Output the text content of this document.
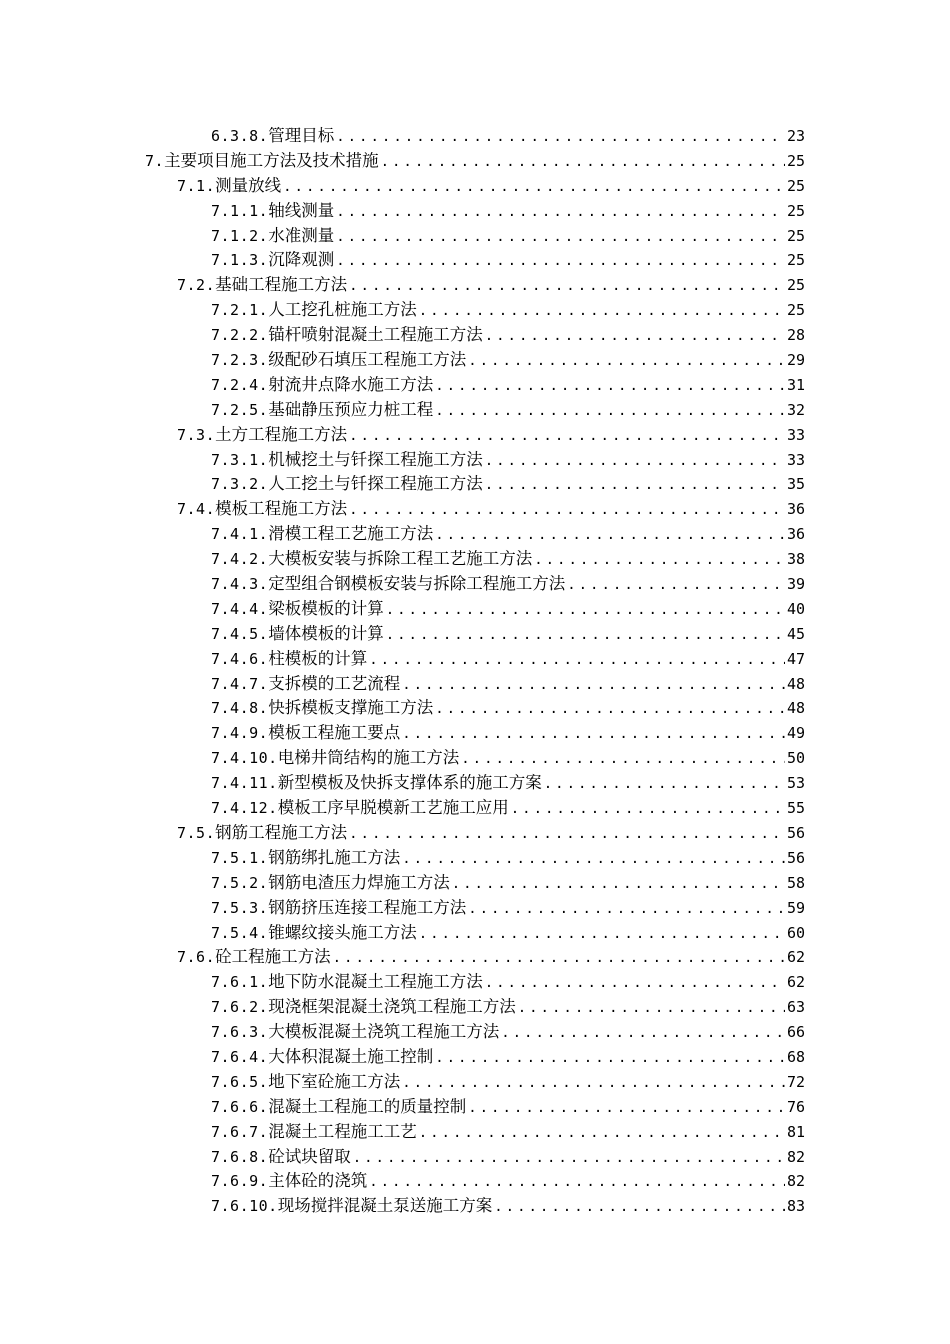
6.3.8. 管理目标 .....	23
7. 主要项目施工方法及技术措施 .....	25
7.1. 测量放线 .....	25
7.1.1. 轴线测量 .....	25
7.1.2. 水准测量 .....	25
7.1.3. 沉降观测 .....	25
7.2. 基础工程施工方法 .....	25
7.2.1. 人工挖孔桩施工方法 .....	25
7.2.2. 锚杆喷射混凝土工程施工方法 .....	28
7.2.3. 级配砂石填压工程施工方法 .....	29
7.2.4. 射流井点降水施工方法 .....	31
7.2.5. 基础静压预应力桩工程 .....	32
7.3. 土方工程施工方法 .....	33
7.3.1. 机械挖土与钎探工程施工方法 .....	33
7.3.2. 人工挖土与钎探工程施工方法 .....	35
7.4. 模板工程施工方法 .....	36
7.4.1. 滑模工程工艺施工方法 .....	36
7.4.2. 大模板安装与拆除工程工艺施工方法 .....	38
7.4.3. 定型组合钢模板安装与拆除工程施工方法 .....	39
7.4.4. 梁板模板的计算 .....	40
7.4.5. 墙体模板的计算 .....	45
7.4.6. 柱模板的计算 .....	47
7.4.7. 支拆模的工艺流程 .....	48
7.4.8. 快拆模板支撑施工方法 .....	48
7.4.9. 模板工程施工要点 .....	49
7.4.10. 电梯井筒结构的施工方法 .....	50
7.4.11. 新型模板及快拆支撑体系的施工方案 .....	53
7.4.12. 模板工序早脱模新工艺施工应用 .....	55
7.5. 钢筋工程施工方法 .....	56
7.5.1. 钢筋绑扎施工方法 .....	56
7.5.2. 钢筋电渣压力焊施工方法 .....	58
7.5.3. 钢筋挤压连接工程施工方法 .....	59
7.5.4. 锥螺纹接头施工方法 .....	60
7.6. 砼工程施工方法 .....	62
7.6.1. 地下防水混凝土工程施工方法 .....	62
7.6.2. 现浇框架混凝土浇筑工程施工方法 .....	63
7.6.3. 大模板混凝土浇筑工程施工方法 .....	66
7.6.4. 大体积混凝土施工控制 .....	68
7.6.5. 地下室砼施工方法 .....	72
7.6.6. 混凝土工程施工的质量控制 .....	76
7.6.7. 混凝土工程施工工艺 .....	81
7.6.8. 砼试块留取 .....	82
7.6.9. 主体砼的浇筑 .....	82
7.6.10. 现场搅拌混凝土泵送施工方案 .....	83
